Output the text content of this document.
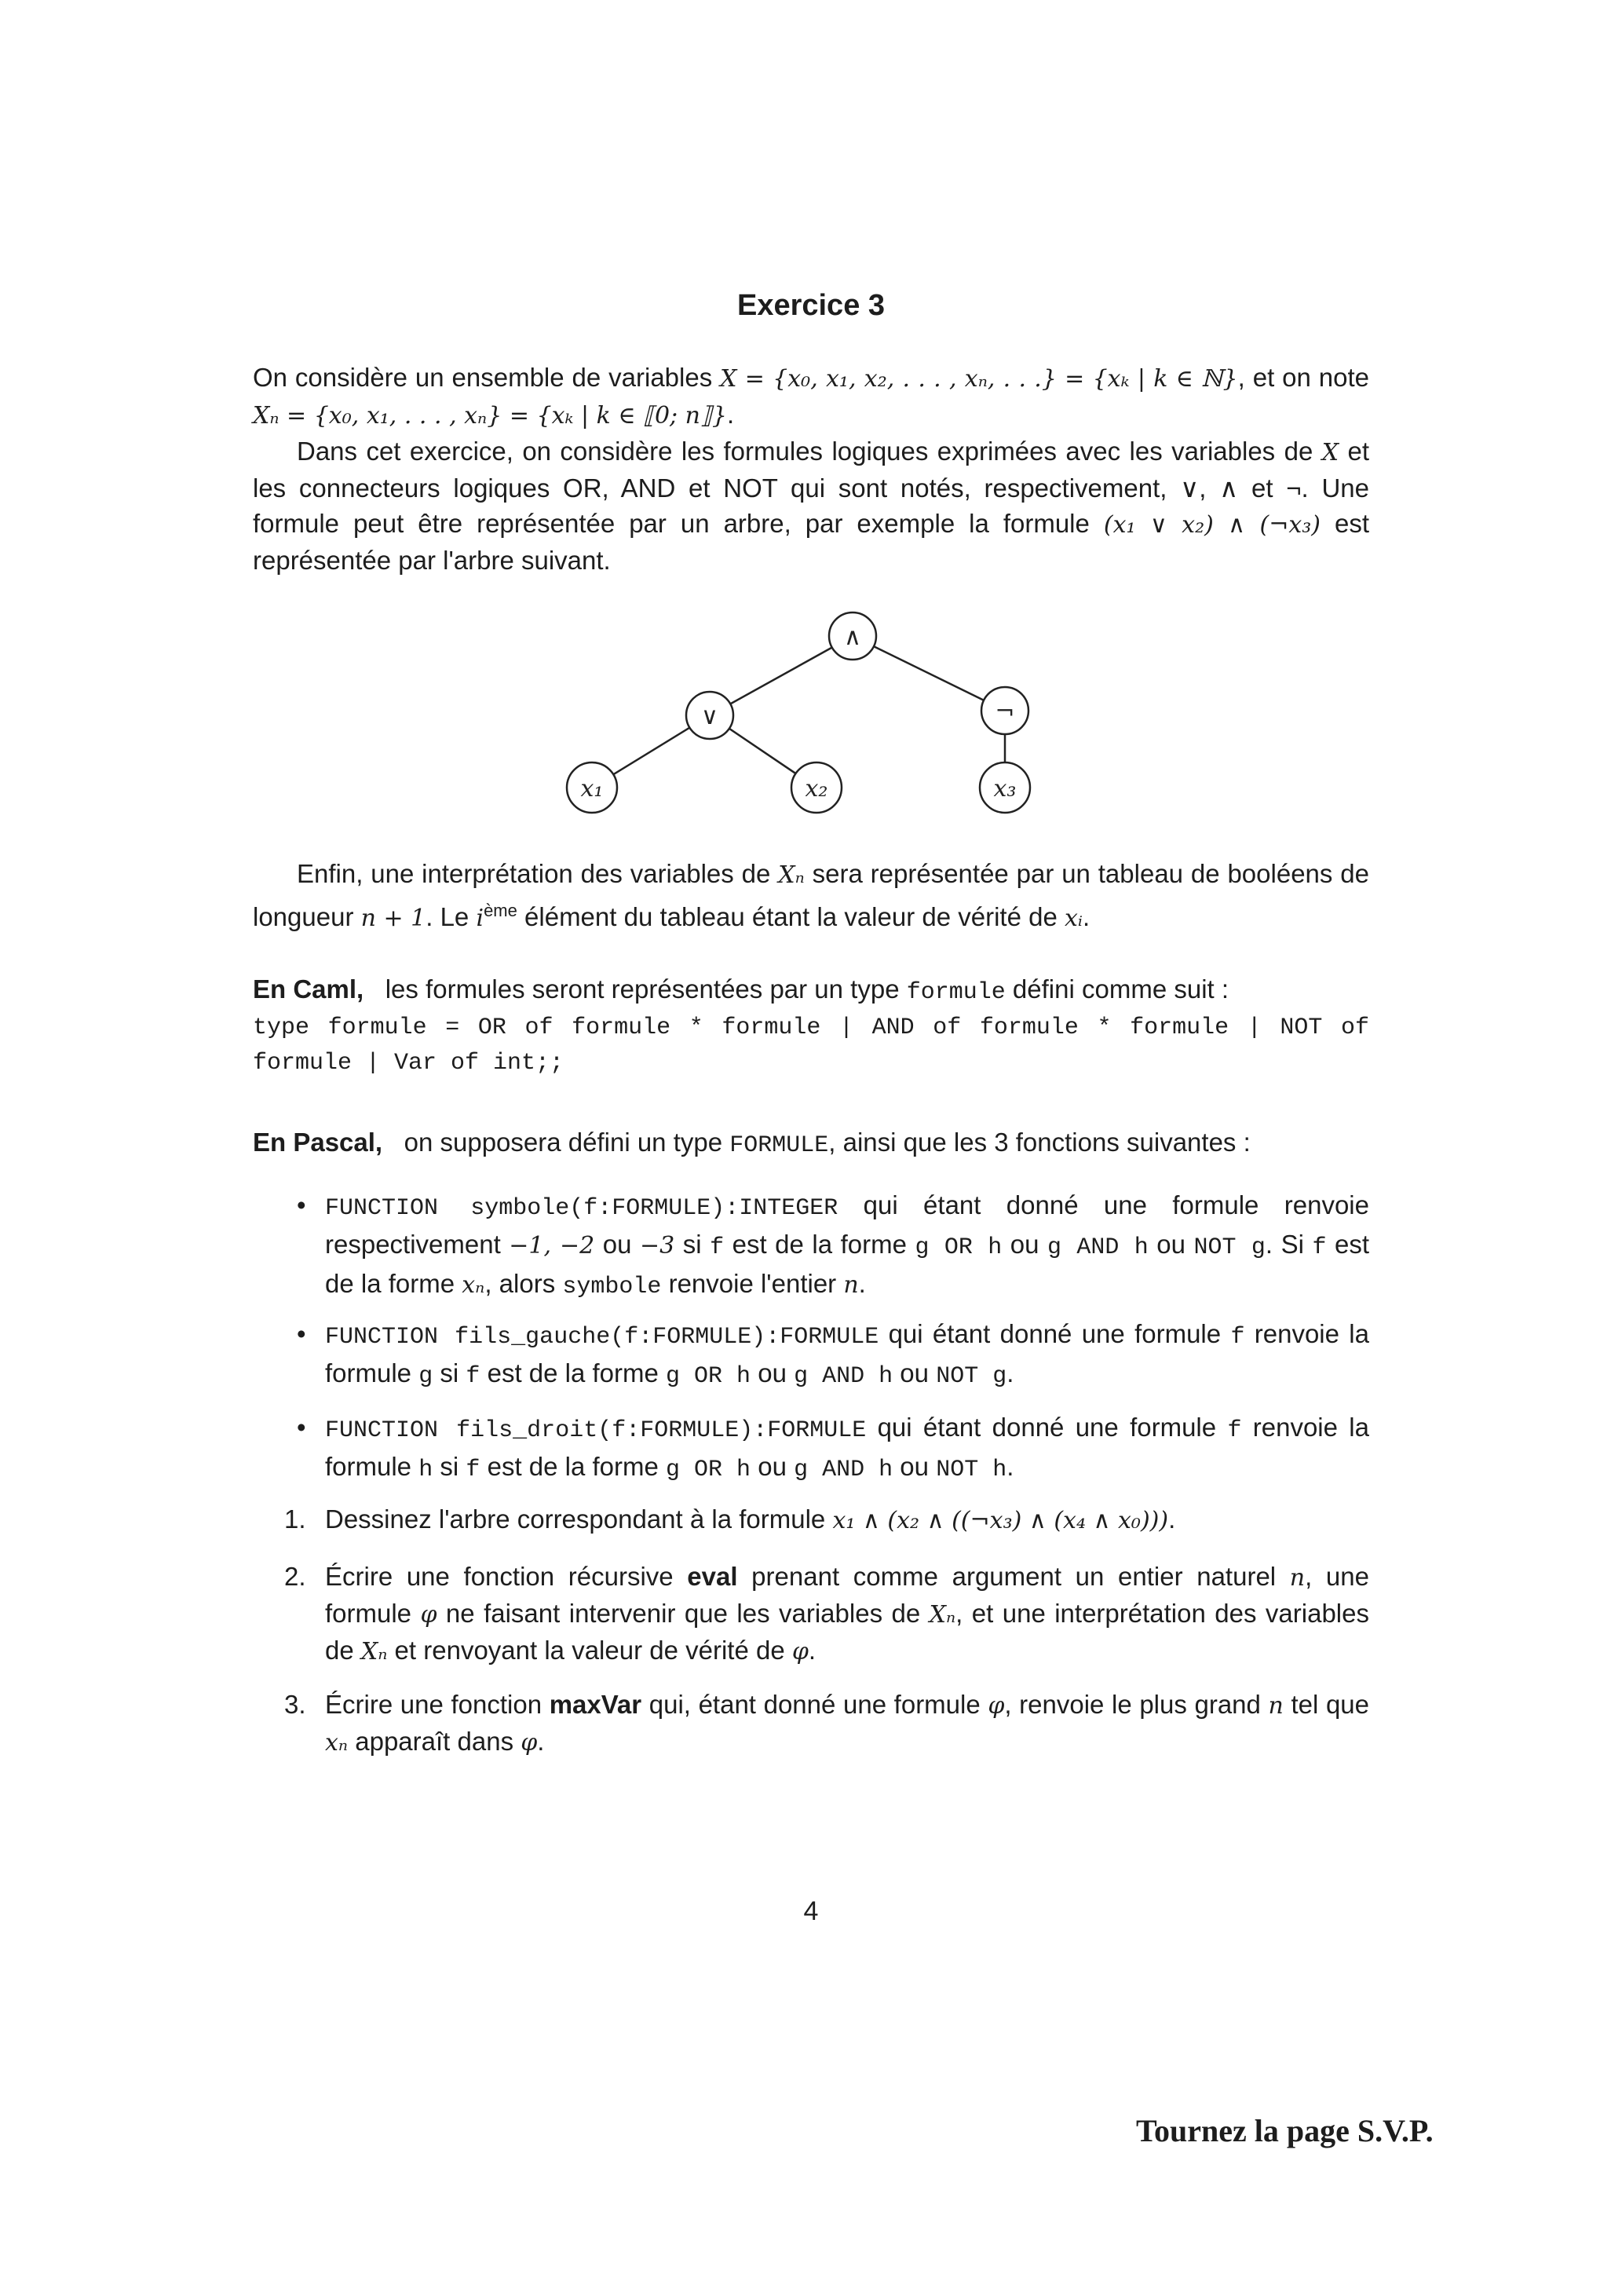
Exercice 3

On considère un ensemble de variables X = {x₀, x₁, x₂, . . . , xₙ, . . .} = {xₖ | k ∈ ℕ}, et on note Xₙ = {x₀, x₁, . . . , xₙ} = {xₖ | k ∈ ⟦0; n⟧}.

Dans cet exercice, on considère les formules logiques exprimées avec les variables de X et les connecteurs logiques OR, AND et NOT qui sont notés, respectivement, ∨, ∧ et ¬. Une formule peut être représentée par un arbre, par exemple la formule (x₁ ∨ x₂) ∧ (¬x₃) est représentée par l'arbre suivant.

∧
∨	¬
x₁	x₂	x₃
Enfin, une interprétation des variables de Xₙ sera représentée par un tableau de booléens de longueur n + 1. Le $i^{ème}$ élément du tableau étant la valeur de vérité de xᵢ.

En Caml,   les formules seront représentées par un type formule défini comme suit :

type formule = OR of formule * formule | AND of formule * formule | NOT of formule | Var of int;;

En Pascal,   on supposera défini un type FORMULE, ainsi que les 3 fonctions suivantes :
• FUNCTION symbole(f:FORMULE):INTEGER qui étant donné une formule renvoie respectivement −1, −2 ou −3 si f est de la forme g OR h ou g AND h ou NOT g. Si f est de la forme xₙ, alors symbole renvoie l'entier n.
• FUNCTION fils_gauche(f:FORMULE):FORMULE qui étant donné une formule f renvoie la formule g si f est de la forme g OR h ou g AND h ou NOT g.
• FUNCTION fils_droit(f:FORMULE):FORMULE qui étant donné une formule f renvoie la formule h si f est de la forme g OR h ou g AND h ou NOT h.
1. Dessinez l'arbre correspondant à la formule x₁ ∧ (x₂ ∧ ((¬x₃) ∧ (x₄ ∧ x₀))).
2. Écrire une fonction récursive eval prenant comme argument un entier naturel n, une formule φ ne faisant intervenir que les variables de Xₙ, et une interprétation des variables de Xₙ et renvoyant la valeur de vérité de φ.
3. Écrire une fonction maxVar qui, étant donné une formule φ, renvoie le plus grand n tel que xₙ apparaît dans φ.
4
Tournez la page S.V.P.
